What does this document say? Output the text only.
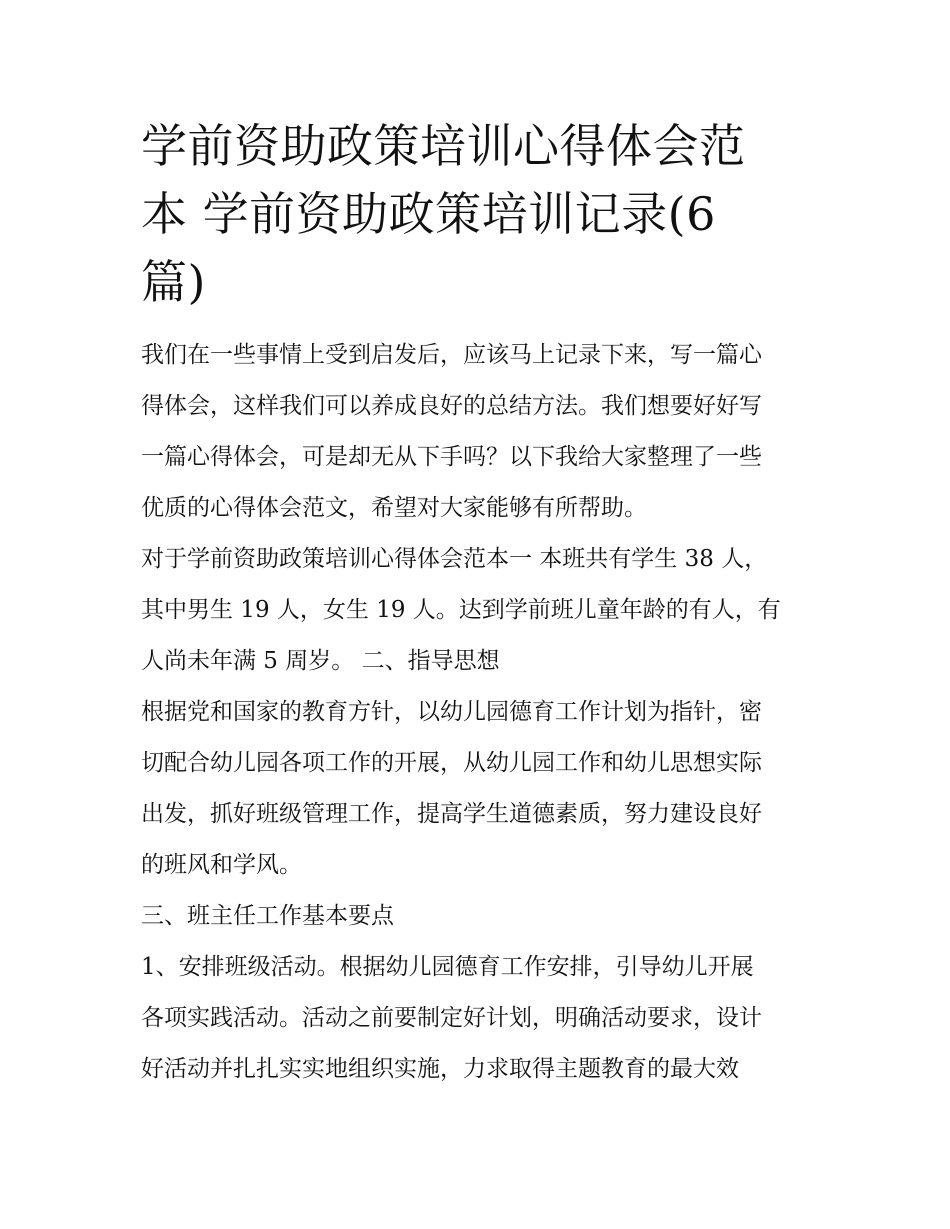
学前资助政策培训心得体会范
本 学前资助政策培训记录(6
篇)

我们在一些事情上受到启发后，应该马上记录下来，写一篇心
得体会，这样我们可以养成良好的总结方法。我们想要好好写
一篇心得体会，可是却无从下手吗？以下我给大家整理了一些
优质的心得体会范文，希望对大家能够有所帮助。

对于学前资助政策培训心得体会范本一 本班共有学生 38 人，
其中男生 19 人，女生 19 人。达到学前班儿童年龄的有人，有
人尚未年满 5 周岁。 二、指导思想

根据党和国家的教育方针，以幼儿园德育工作计划为指针，密
切配合幼儿园各项工作的开展，从幼儿园工作和幼儿思想实际
出发，抓好班级管理工作，提高学生道德素质，努力建设良好
的班风和学风。

三、班主任工作基本要点

1、安排班级活动。根据幼儿园德育工作安排，引导幼儿开展
各项实践活动。活动之前要制定好计划，明确活动要求，设计
好活动并扎扎实实地组织实施，力求取得主题教育的最大效
